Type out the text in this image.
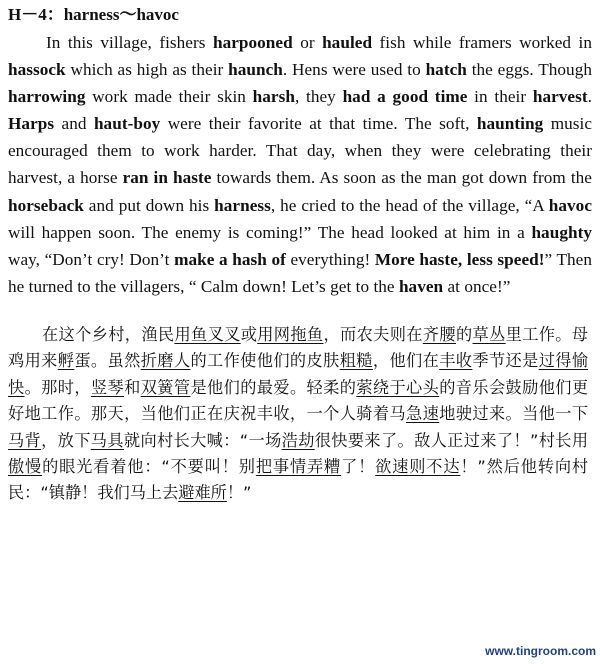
H－4：harness～havoc

In this village, fishers harpooned or hauled fish while framers worked in hassock which as high as their haunch. Hens were used to hatch the eggs. Though harrowing work made their skin harsh, they had a good time in their harvest. Harps and haut-boy were their favorite at that time. The soft, haunting music encouraged them to work harder. That day, when they were celebrating their harvest, a horse ran in haste towards them. As soon as the man got down from the horseback and put down his harness, he cried to the head of the village, “A havoc will happen soon. The enemy is coming!” The head looked at him in a haughty way, “Don’t cry! Don’t make a hash of everything! More haste, less speed!” Then he turned to the villagers, “ Calm down! Let’s get to the haven at once!”

在这个乡村，渔民用鱼叉叉或用网拖鱼，而农夫则在齐腰的草丛里工作。母鸡用来孵蛋。虽然折磨人的工作使他们的皮肤粗糙，他们在丰收季节还是过得愉快。那时，竖琴和双簧管是他们的最爱。轻柔的萦绕于心头的音乐会鼓励他们更好地工作。那天，当他们正在庆祝丰收，一个人骑着马急速地驶过来。当他一下马背，放下马具就向村长大喊：“一场浩劫很快要来了。敌人正过来了！”村长用傲慢的眼光看着他：“不要叫！别把事情弄糟了！欲速则不达！”然后他转向村民：“镇静！我们马上去避难所！”

www.tingroom.com
